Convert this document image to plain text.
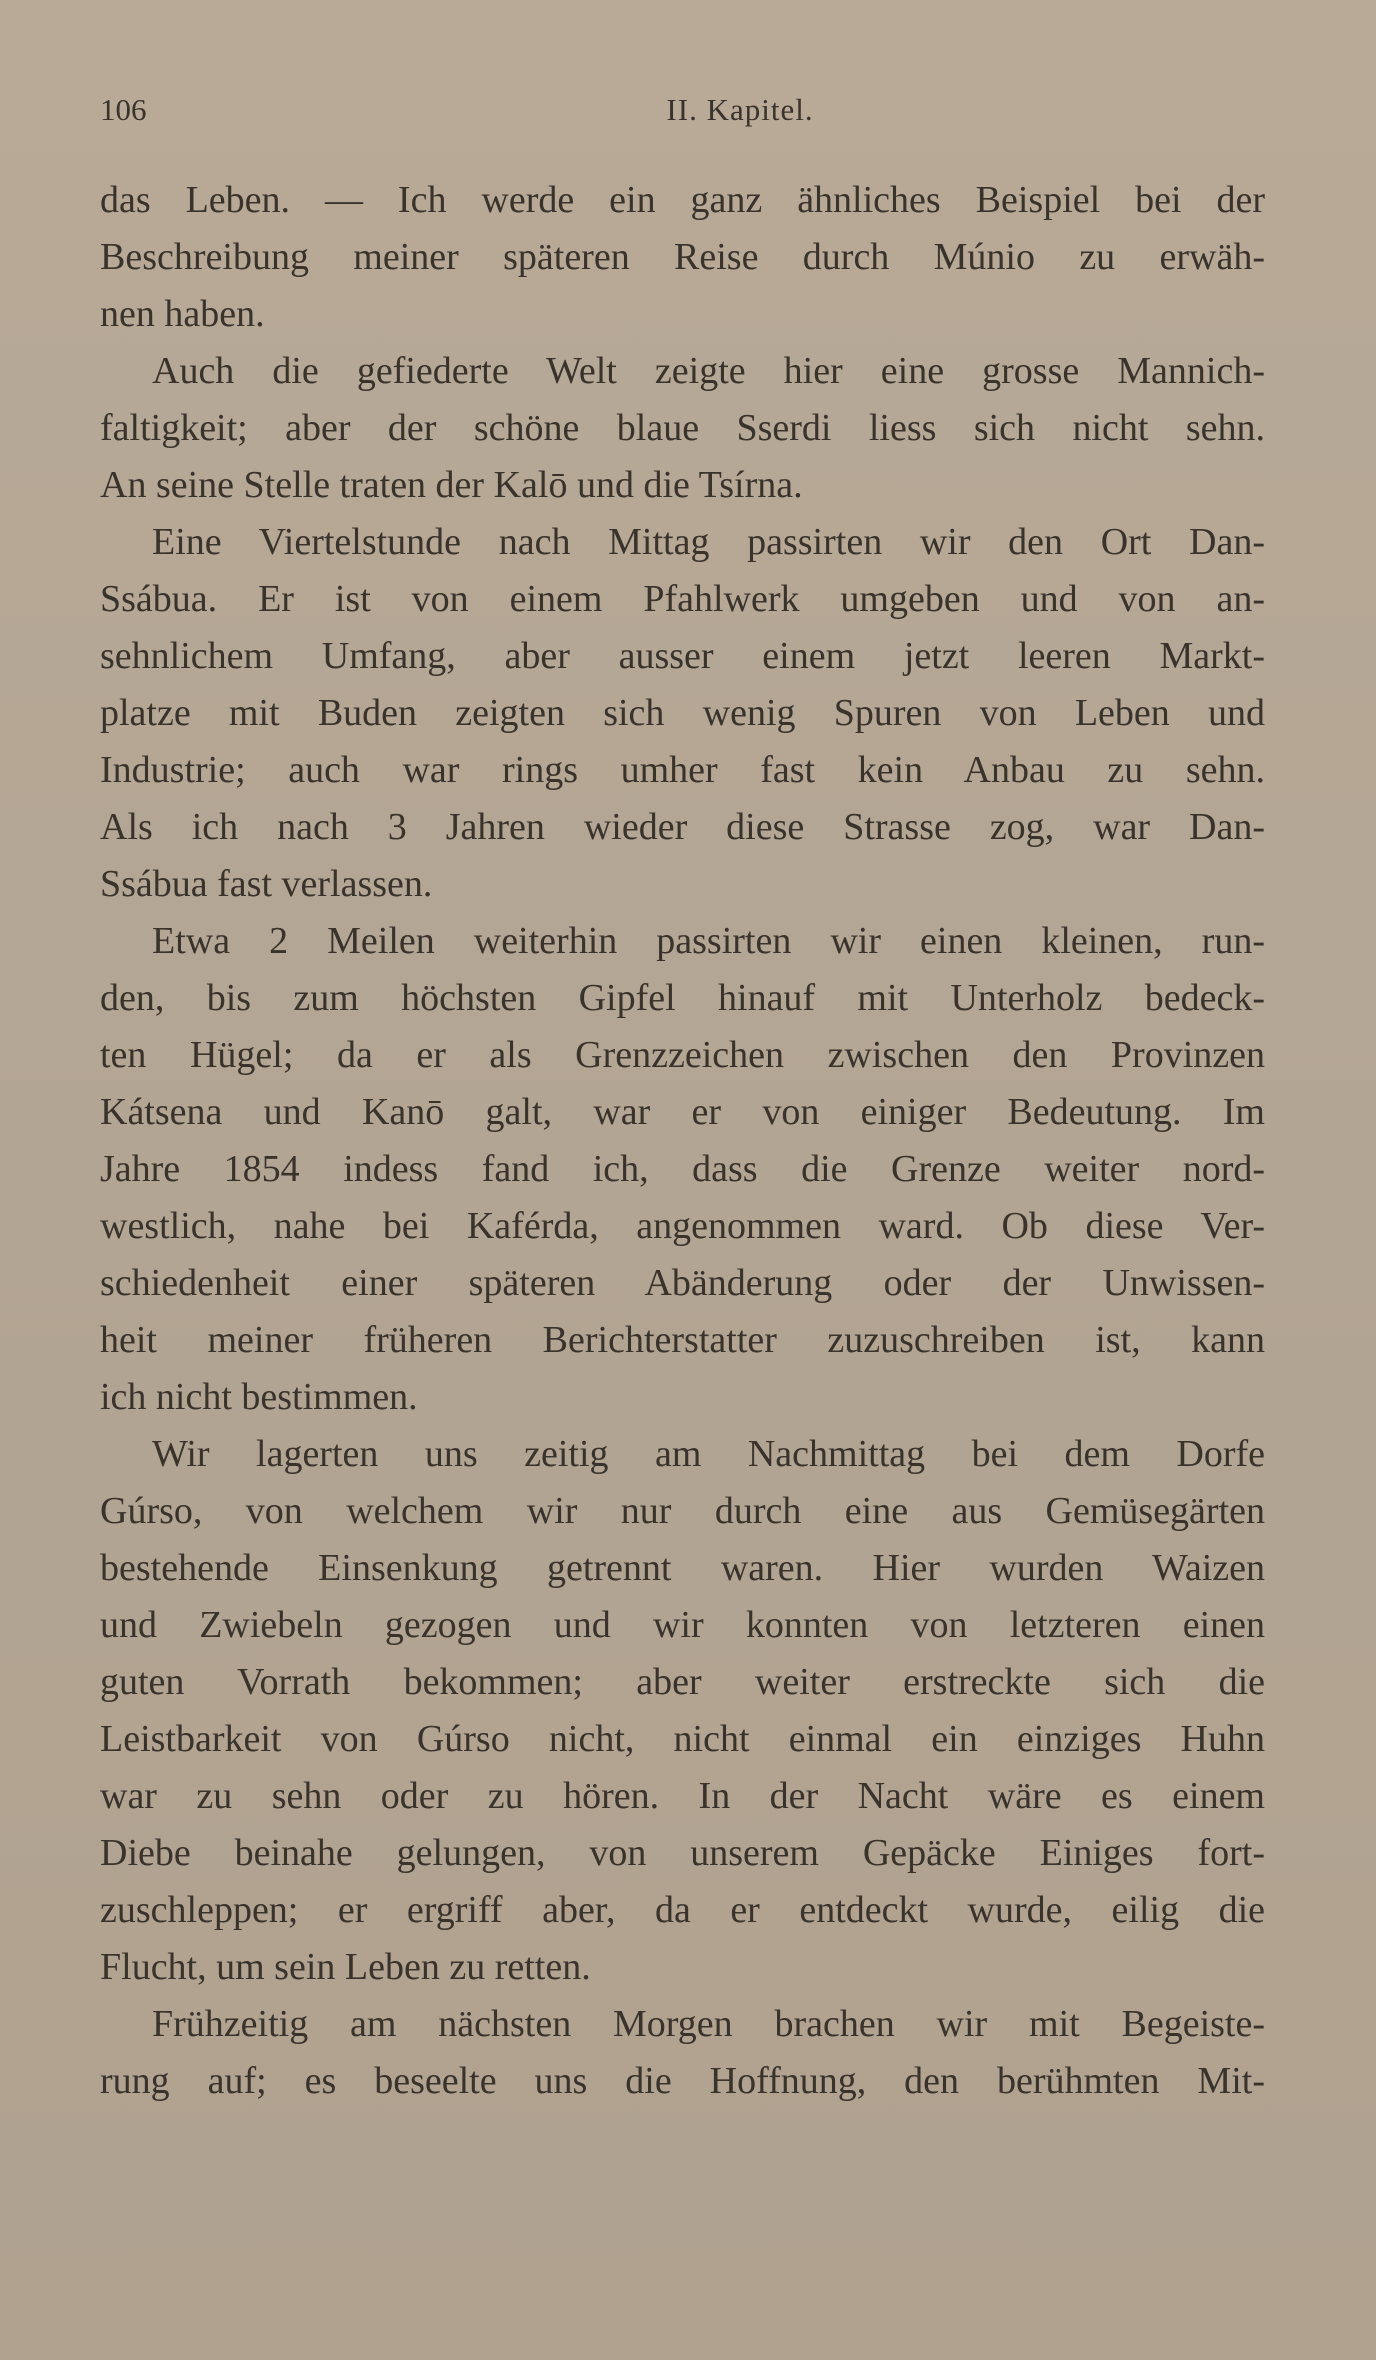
106	II. Kapitel.
das Leben. — Ich werde ein ganz ähnliches Beispiel bei der
Beschreibung meiner späteren Reise durch Múnio zu erwäh-
nen haben.
Auch die gefiederte Welt zeigte hier eine grosse Mannich-
faltigkeit; aber der schöne blaue Sserdi liess sich nicht sehn.
An seine Stelle traten der Kalō und die Tsírna.
Eine Viertelstunde nach Mittag passirten wir den Ort Dan-
Ssábua. Er ist von einem Pfahlwerk umgeben und von an-
sehnlichem Umfang, aber ausser einem jetzt leeren Markt-
platze mit Buden zeigten sich wenig Spuren von Leben und
Industrie; auch war rings umher fast kein Anbau zu sehn.
Als ich nach 3 Jahren wieder diese Strasse zog, war Dan-
Ssábua fast verlassen.
Etwa 2 Meilen weiterhin passirten wir einen kleinen, run-
den, bis zum höchsten Gipfel hinauf mit Unterholz bedeck-
ten Hügel; da er als Grenzzeichen zwischen den Provinzen
Kátsena und Kanō galt, war er von einiger Bedeutung. Im
Jahre 1854 indess fand ich, dass die Grenze weiter nord-
westlich, nahe bei Kaférda, angenommen ward. Ob diese Ver-
schiedenheit einer späteren Abänderung oder der Unwissen-
heit meiner früheren Berichterstatter zuzuschreiben ist, kann
ich nicht bestimmen.
Wir lagerten uns zeitig am Nachmittag bei dem Dorfe
Gúrso, von welchem wir nur durch eine aus Gemüsegärten
bestehende Einsenkung getrennt waren. Hier wurden Waizen
und Zwiebeln gezogen und wir konnten von letzteren einen
guten Vorrath bekommen; aber weiter erstreckte sich die
Leistbarkeit von Gúrso nicht, nicht einmal ein einziges Huhn
war zu sehn oder zu hören. In der Nacht wäre es einem
Diebe beinahe gelungen, von unserem Gepäcke Einiges fort-
zuschleppen; er ergriff aber, da er entdeckt wurde, eilig die
Flucht, um sein Leben zu retten.
Frühzeitig am nächsten Morgen brachen wir mit Begeiste-
rung auf; es beseelte uns die Hoffnung, den berühmten Mit-
